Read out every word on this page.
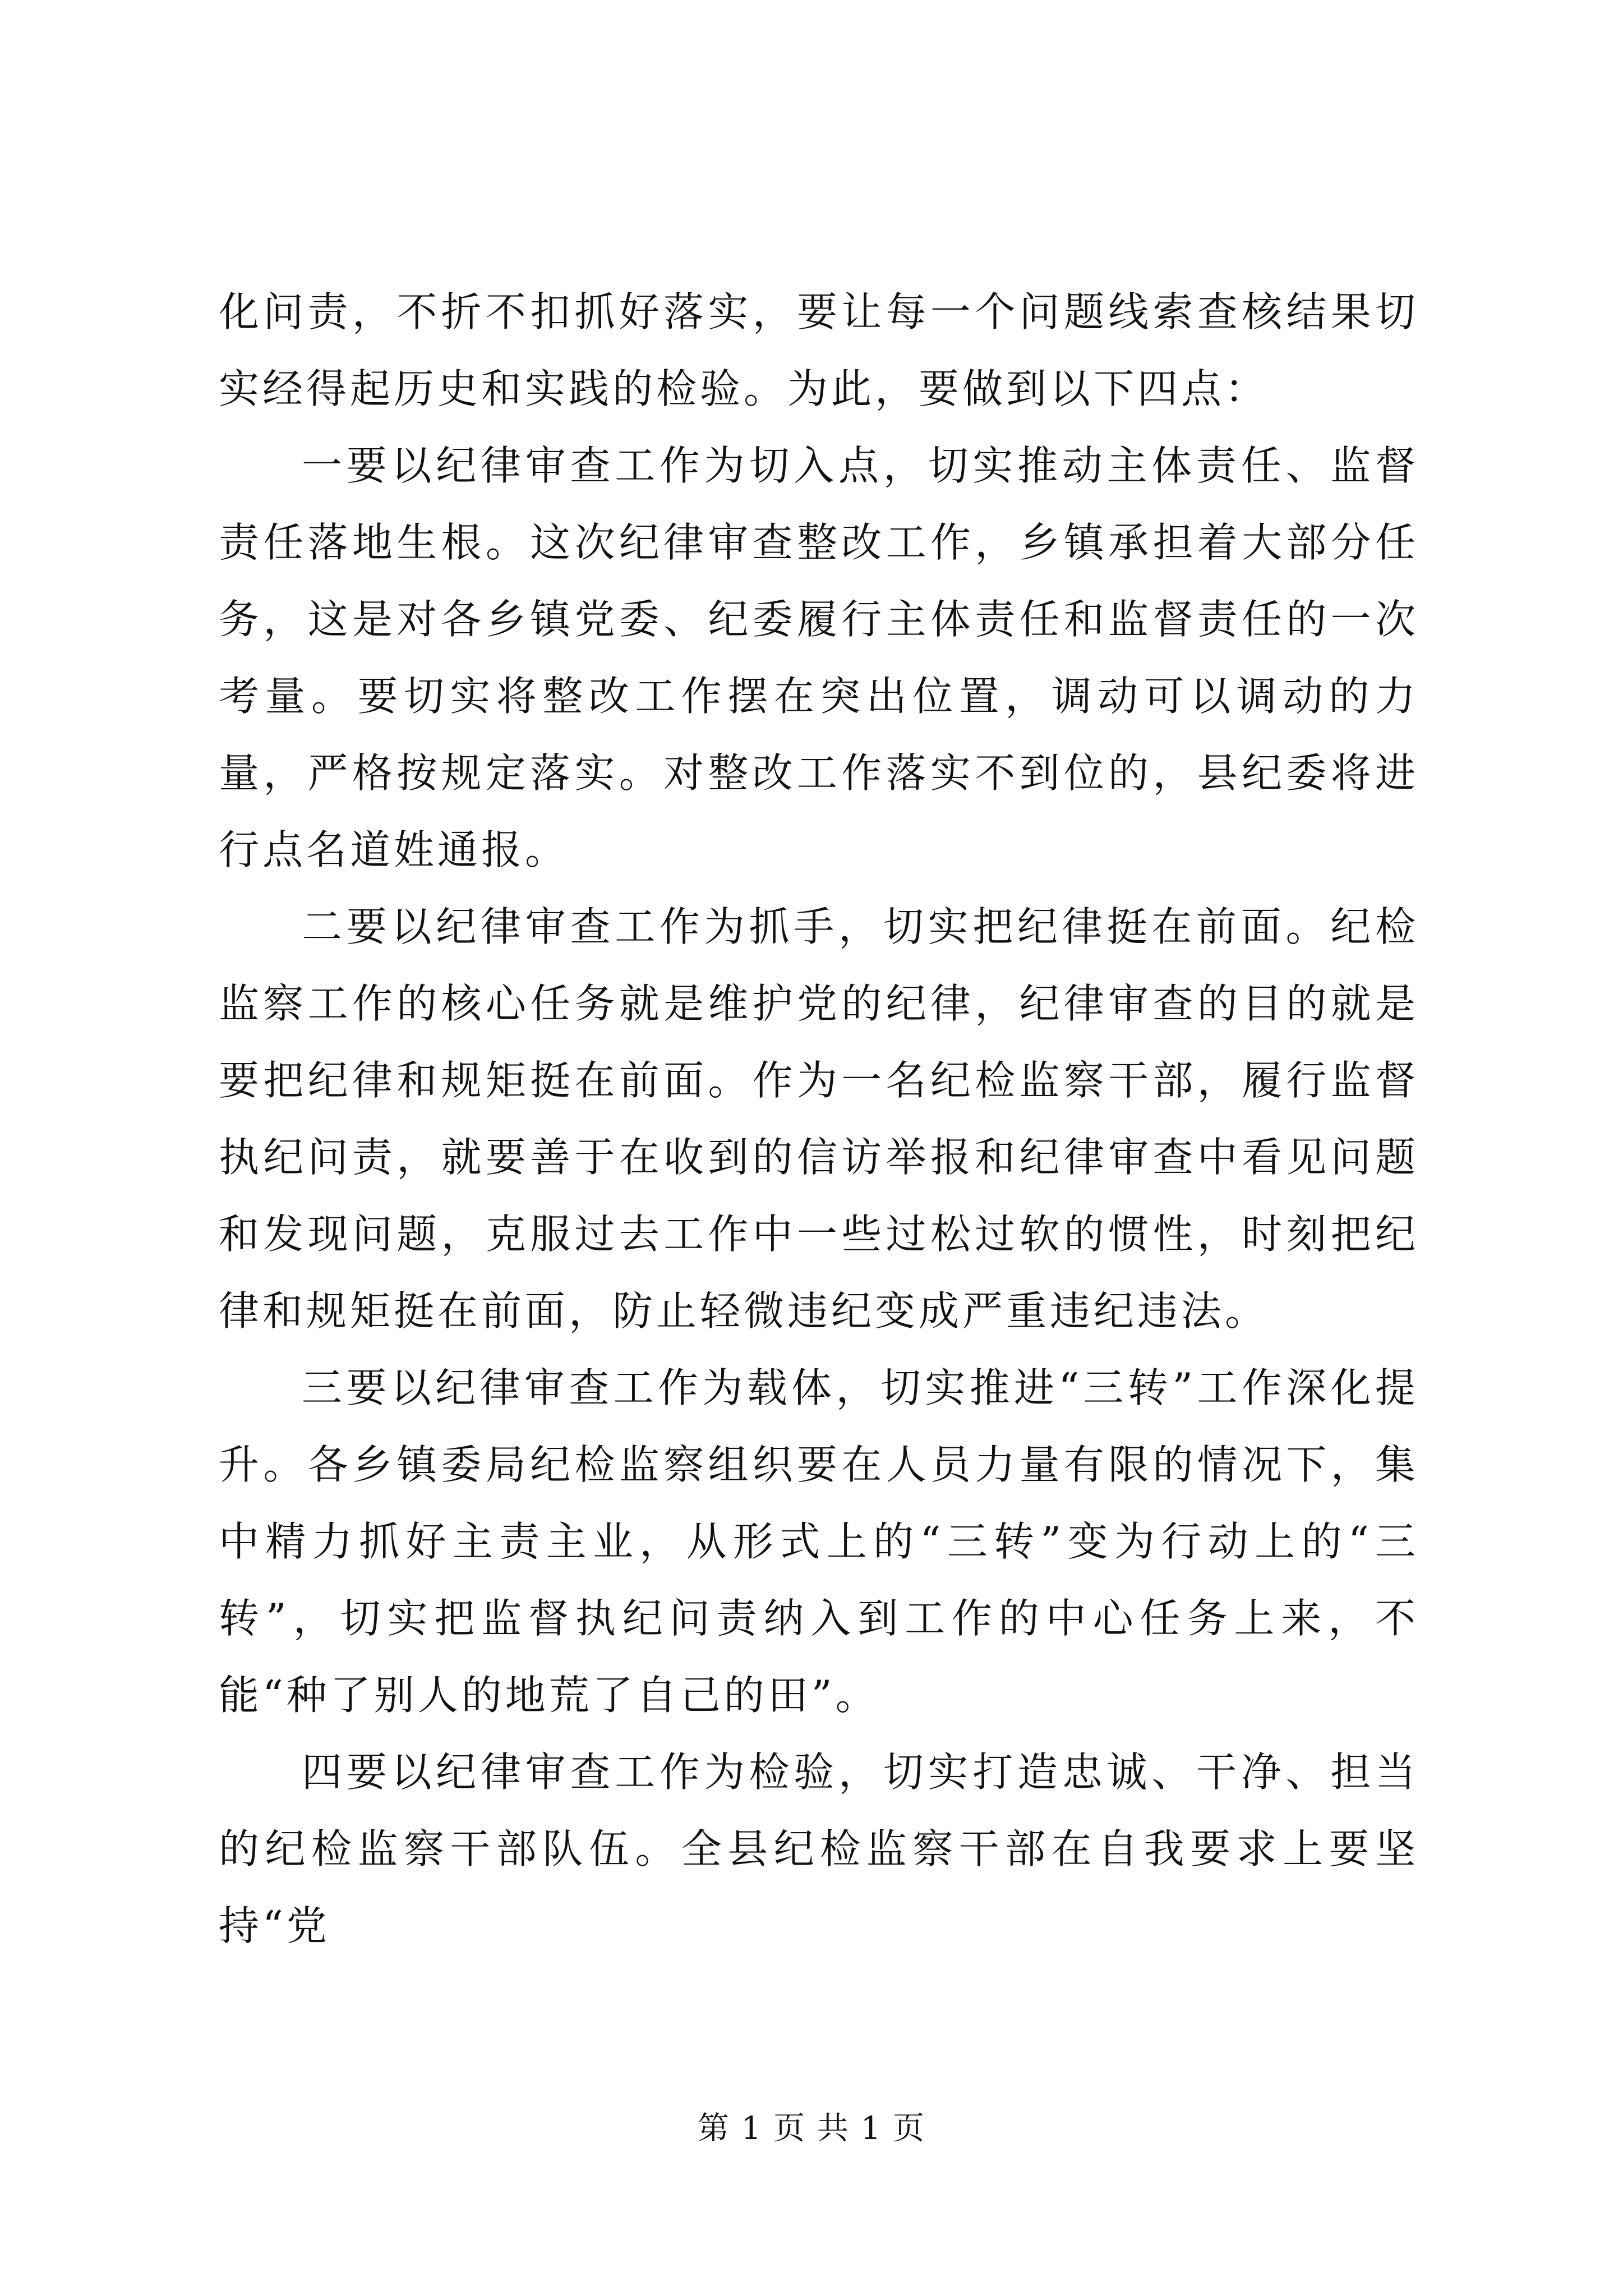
化问责，不折不扣抓好落实，要让每一个问题线索查核结果切实经得起历史和实践的检验。为此，要做到以下四点：

一要以纪律审查工作为切入点，切实推动主体责任、监督责任落地生根。这次纪律审查整改工作，乡镇承担着大部分任务，这是对各乡镇党委、纪委履行主体责任和监督责任的一次考量。要切实将整改工作摆在突出位置，调动可以调动的力量，严格按规定落实。对整改工作落实不到位的，县纪委将进行点名道姓通报。

二要以纪律审查工作为抓手，切实把纪律挺在前面。纪检监察工作的核心任务就是维护党的纪律，纪律审查的目的就是要把纪律和规矩挺在前面。作为一名纪检监察干部，履行监督执纪问责，就要善于在收到的信访举报和纪律审查中看见问题和发现问题，克服过去工作中一些过松过软的惯性，时刻把纪律和规矩挺在前面，防止轻微违纪变成严重违纪违法。

三要以纪律审查工作为载体，切实推进“三转”工作深化提升。各乡镇委局纪检监察组织要在人员力量有限的情况下，集中精力抓好主责主业，从形式上的“三转”变为行动上的“三转”，切实把监督执纪问责纳入到工作的中心任务上来，不能“种了别人的地荒了自己的田”。

四要以纪律审查工作为检验，切实打造忠诚、干净、担当的纪检监察干部队伍。全县纪检监察干部在自我要求上要坚持“党

第 1 页 共 1 页
